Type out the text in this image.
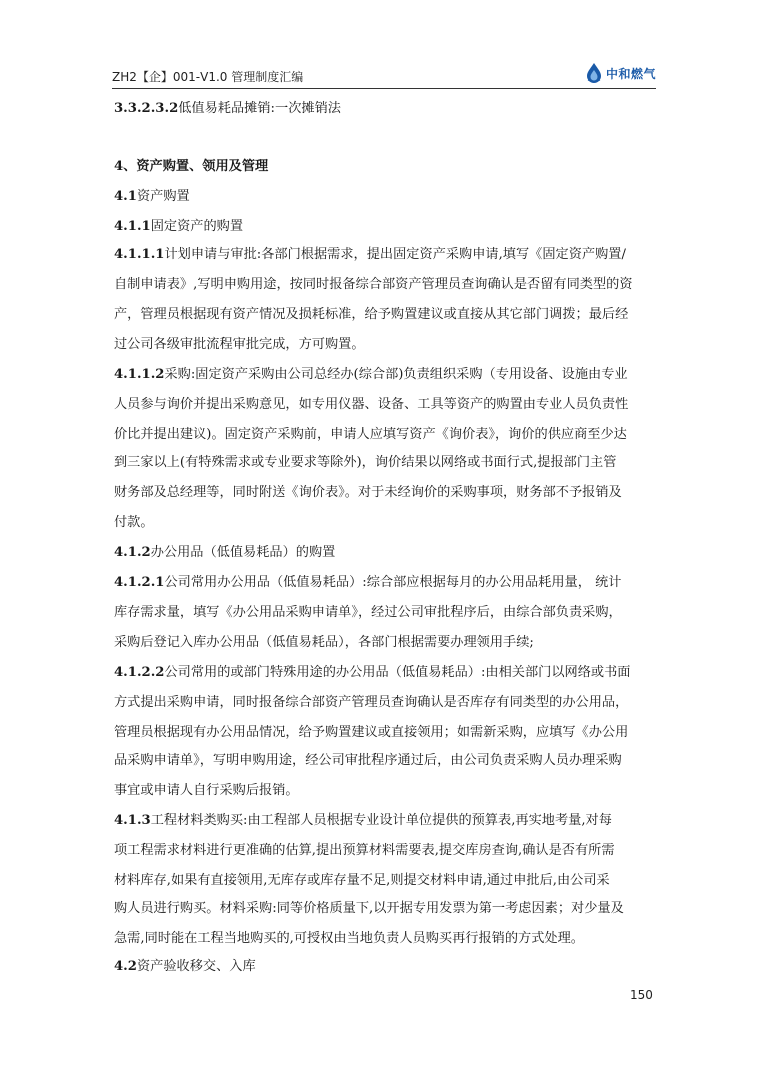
ZH2【企】001-V1.0 管理制度汇编	中和燃气
3.3.2.3.2低值易耗品摊销:一次摊销法
4、资产购置、领用及管理
4.1资产购置
4.1.1固定资产的购置
4.1.1.1计划申请与审批:各部门根据需求，提出固定资产采购申请,填写《固定资产购置/
自制申请表》,写明申购用途，按同时报备综合部资产管理员查询确认是否留有同类型的资
产，管理员根据现有资产情况及损耗标准，给予购置建议或直接从其它部门调拨；最后经
过公司各级审批流程审批完成，方可购置。
4.1.1.2采购:固定资产采购由公司总经办(综合部)负责组织采购（专用设备、设施由专业
人员参与询价并提出采购意见，如专用仪器、设备、工具等资产的购置由专业人员负责性
价比并提出建议)。固定资产采购前，申请人应填写资产《询价表》，询价的供应商至少达
到三家以上(有特殊需求或专业要求等除外)，询价结果以网络或书面行式,提报部门主管
财务部及总经理等，同时附送《询价表》。对于未经询价的采购事项，财务部不予报销及
付款。
4.1.2办公用品（低值易耗品）的购置
4.1.2.1公司常用办公用品（低值易耗品）:综合部应根据每月的办公用品耗用量， 统计
库存需求量，填写《办公用品采购申请单》，经过公司审批程序后，由综合部负责采购，
采购后登记入库办公用品（低值易耗品），各部门根据需要办理领用手续;
4.1.2.2公司常用的或部门特殊用途的办公用品（低值易耗品）:由相关部门以网络或书面
方式提出采购申请，同时报备综合部资产管理员查询确认是否库存有同类型的办公用品，
管理员根据现有办公用品情况，给予购置建议或直接领用；如需新采购，应填写《办公用
品采购申请单》，写明申购用途，经公司审批程序通过后，由公司负责采购人员办理采购
事宜或申请人自行采购后报销。
4.1.3工程材料类购买:由工程部人员根据专业设计单位提供的预算表,再实地考量,对每
项工程需求材料进行更准确的估算,提出预算材料需要表,提交库房查询,确认是否有所需
材料库存,如果有直接领用,无库存或库存量不足,则提交材料申请,通过申批后,由公司采
购人员进行购买。材料采购:同等价格质量下,以开据专用发票为第一考虑因素；对少量及
急需,同时能在工程当地购买的,可授权由当地负责人员购买再行报销的方式处理。
4.2资产验收移交、入库
150
